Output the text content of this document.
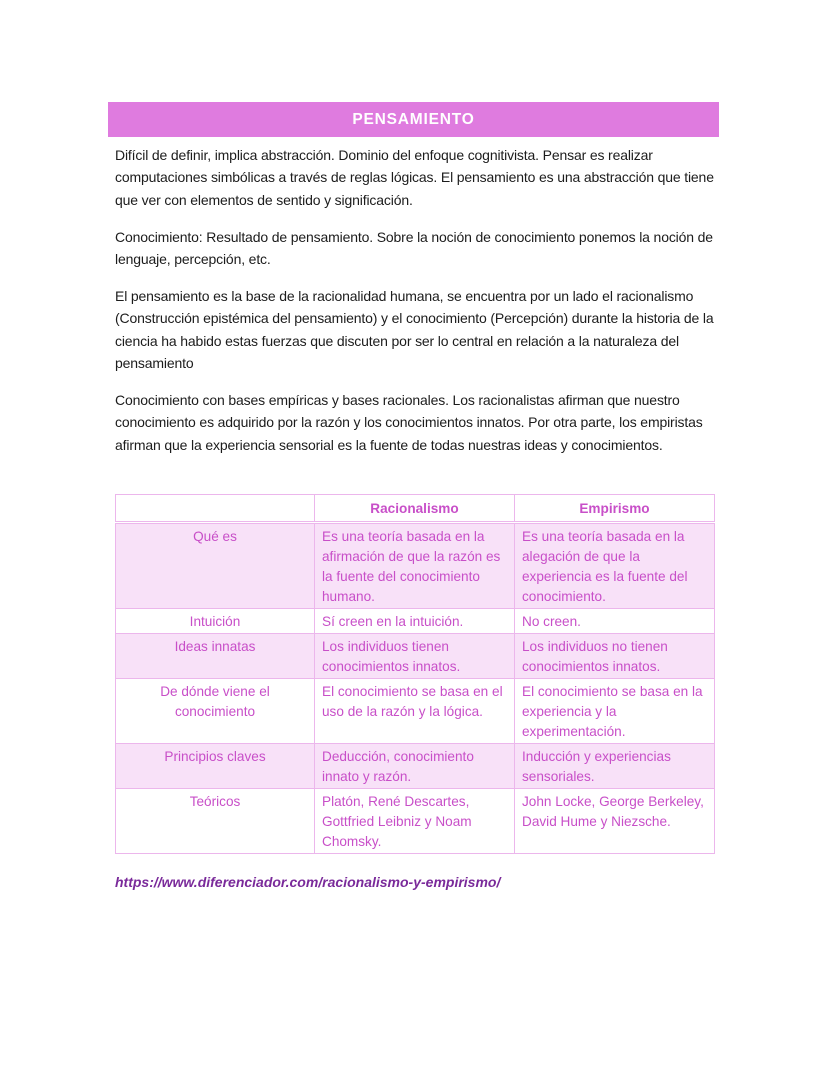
PENSAMIENTO

Difícil de definir, implica abstracción. Dominio del enfoque cognitivista. Pensar es realizar computaciones simbólicas a través de reglas lógicas. El pensamiento es una abstracción que tiene que ver con elementos de sentido y significación.

Conocimiento: Resultado de pensamiento. Sobre la noción de conocimiento ponemos la noción de lenguaje, percepción, etc.

El pensamiento es la base de la racionalidad humana, se encuentra por un lado el racionalismo (Construcción epistémica del pensamiento) y el conocimiento (Percepción) durante la historia de la ciencia ha habido estas fuerzas que discuten por ser lo central en relación a la naturaleza del pensamiento

Conocimiento con bases empíricas y bases racionales. Los racionalistas afirman que nuestro conocimiento es adquirido por la razón y los conocimientos innatos. Por otra parte, los empiristas afirman que la experiencia sensorial es la fuente de todas nuestras ideas y conocimientos.

	Racionalismo	Empirismo
Qué es	Es una teoría basada en la afirmación de que la razón es la fuente del conocimiento humano.	Es una teoría basada en la alegación de que la experiencia es la fuente del conocimiento.
Intuición	Sí creen en la intuición.	No creen.
Ideas innatas	Los individuos tienen conocimientos innatos.	Los individuos no tienen conocimientos innatos.
De dónde viene el conocimiento	El conocimiento se basa en el uso de la razón y la lógica.	El conocimiento se basa en la experiencia y la experimentación.
Principios claves	Deducción, conocimiento innato y razón.	Inducción y experiencias sensoriales.
Teóricos	Platón, René Descartes, Gottfried Leibniz y Noam Chomsky.	John Locke, George Berkeley, David Hume y Niezsche.
https://www.diferenciador.com/racionalismo-y-empirismo/
